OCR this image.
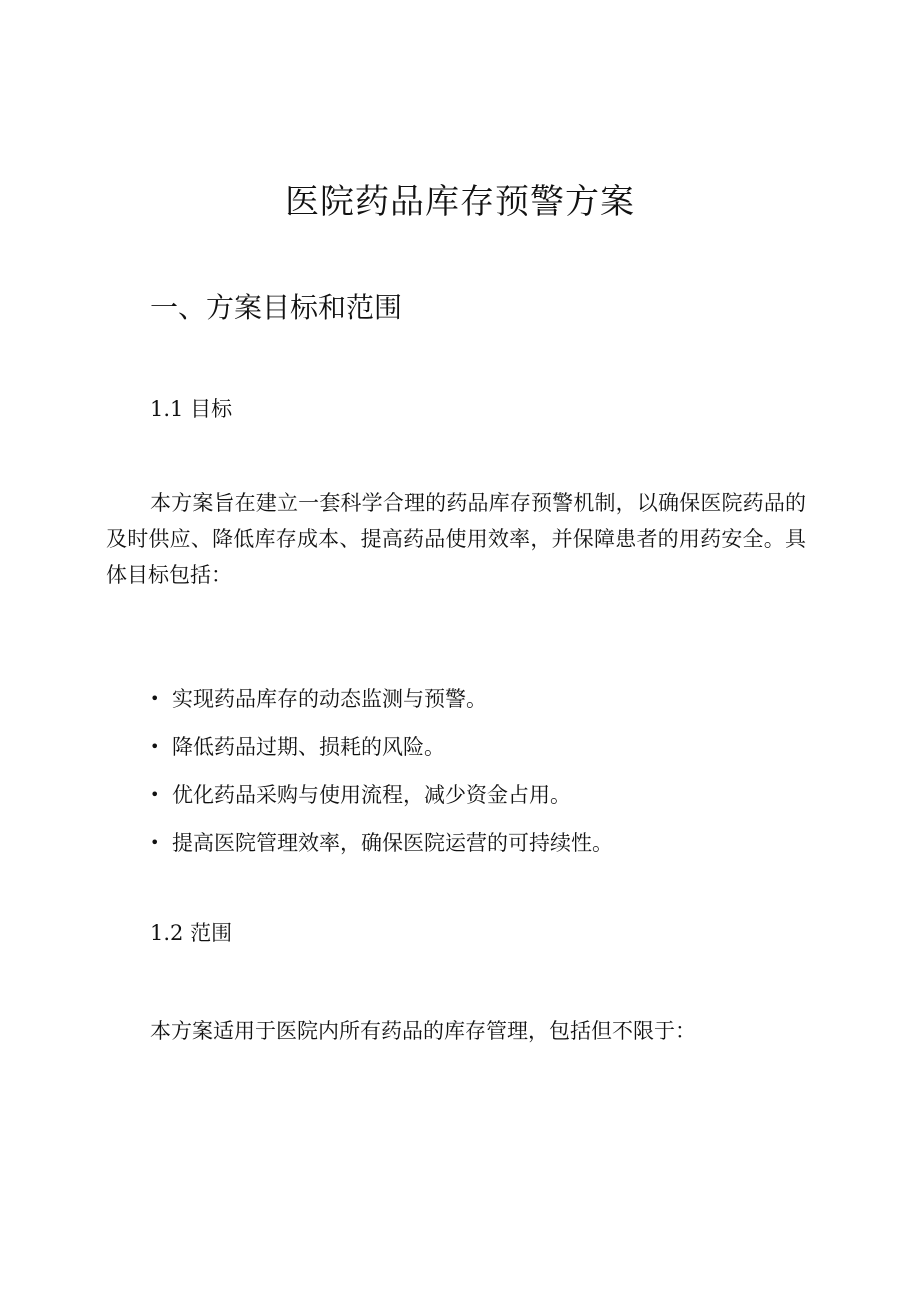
医院药品库存预警方案
一、方案目标和范围
1.1 目标

本方案旨在建立一套科学合理的药品库存预警机制，以确保医院药品的及时供应、降低库存成本、提高药品使用效率，并保障患者的用药安全。具体目标包括：

• 实现药品库存的动态监测与预警。
• 降低药品过期、损耗的风险。
• 优化药品采购与使用流程，减少资金占用。
• 提高医院管理效率，确保医院运营的可持续性。
1.2 范围

本方案适用于医院内所有药品的库存管理，包括但不限于：
